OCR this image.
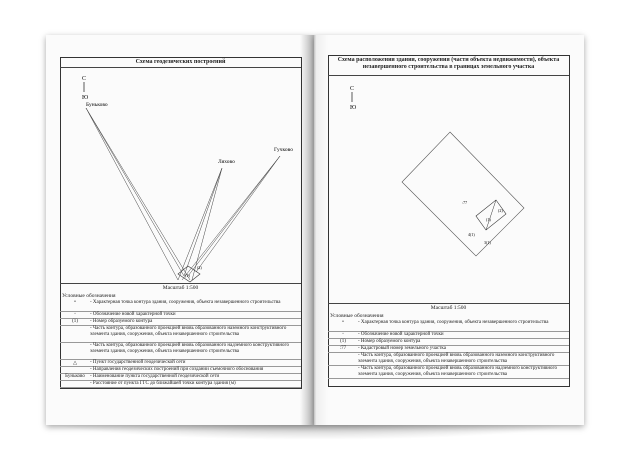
Схема геодезических построений
С
Ю
Буньково
Ляхово
Гучково
(1)
(2)
Масштаб 1:500
Условные обозначения
•	- Характерная точка контура здания, сооружения, объекта незавершенного строительства
◦	- Обозначение новой характерной точки
(1)	- Номер образуемого контура
- Часть контура, образованного проекцией вновь образованного наземного конструктивного элемента здания, сооружения, объекта незавершенного строительства
- Часть контура, образованного проекцией вновь образованного надземного конструктивного элемента здания, сооружения, объекта незавершенного строительства
△	- Пункт государственной геодезической сети
- Направления геодезических построений при создании съемочного обоснования
Буньково	- Наименование пункта государственной геодезической сети
- Расстояние от пункта ГГС до ближайшей точки контура здания (м)
Схема расположения здания, сооружения (части объекта недвижимости), объекта незавершенного строительства в границах земельного участка
С
Ю
:77
(1)
(2)
4(1)
3(1)
Масштаб 1:500
Условные обозначения
•	- Характерная точка контура здания, сооружения, объекта незавершенного строительства
◦	- Обозначение новой характерной точки
(1)	- Номер образуемого контура
:77	- Кадастровый номер земельного участка
- Часть контура, образованного проекцией вновь образованного наземного конструктивного элемента здания, сооружения, объекта незавершенного строительства
- Часть контура, образованного проекцией вновь образованного надземного конструктивного элемента здания, сооружения, объекта незавершенного строительства
